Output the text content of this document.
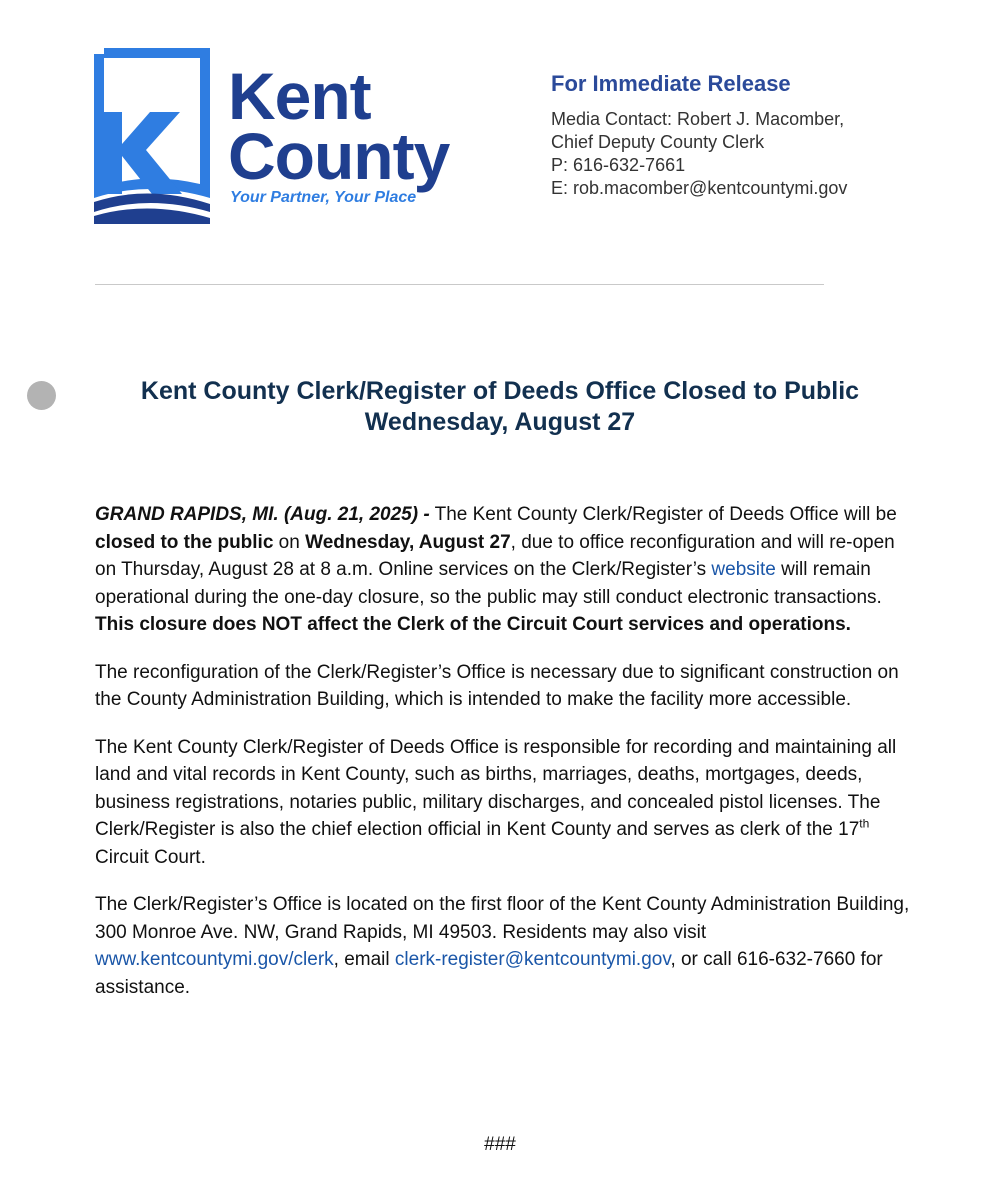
Kent
County
Your Partner, Your Place
For Immediate Release
Media Contact: Robert J. Macomber,
Chief Deputy County Clerk
P: 616-632-7661
E: rob.macomber@kentcountymi.gov
Kent County Clerk/Register of Deeds Office Closed to Public
Wednesday, August 27

GRAND RAPIDS, MI. (Aug. 21, 2025) - The Kent County Clerk/Register of Deeds Office will be closed to the public on Wednesday, August 27, due to office reconfiguration and will re-open on Thursday, August 28 at 8 a.m. Online services on the Clerk/Register’s website will remain operational during the one-day closure, so the public may still conduct electronic transactions. This closure does NOT affect the Clerk of the Circuit Court services and operations.

The reconfiguration of the Clerk/Register’s Office is necessary due to significant construction on the County Administration Building, which is intended to make the facility more accessible.

The Kent County Clerk/Register of Deeds Office is responsible for recording and maintaining all land and vital records in Kent County, such as births, marriages, deaths, mortgages, deeds, business registrations, notaries public, military discharges, and concealed pistol licenses. The Clerk/Register is also the chief election official in Kent County and serves as clerk of the 17th Circuit Court.

The Clerk/Register’s Office is located on the first floor of the Kent County Administration Building, 300 Monroe Ave. NW, Grand Rapids, MI 49503. Residents may also visit www.kentcountymi.gov/clerk, email clerk-register@kentcountymi.gov, or call 616-632-7660 for assistance.

###
